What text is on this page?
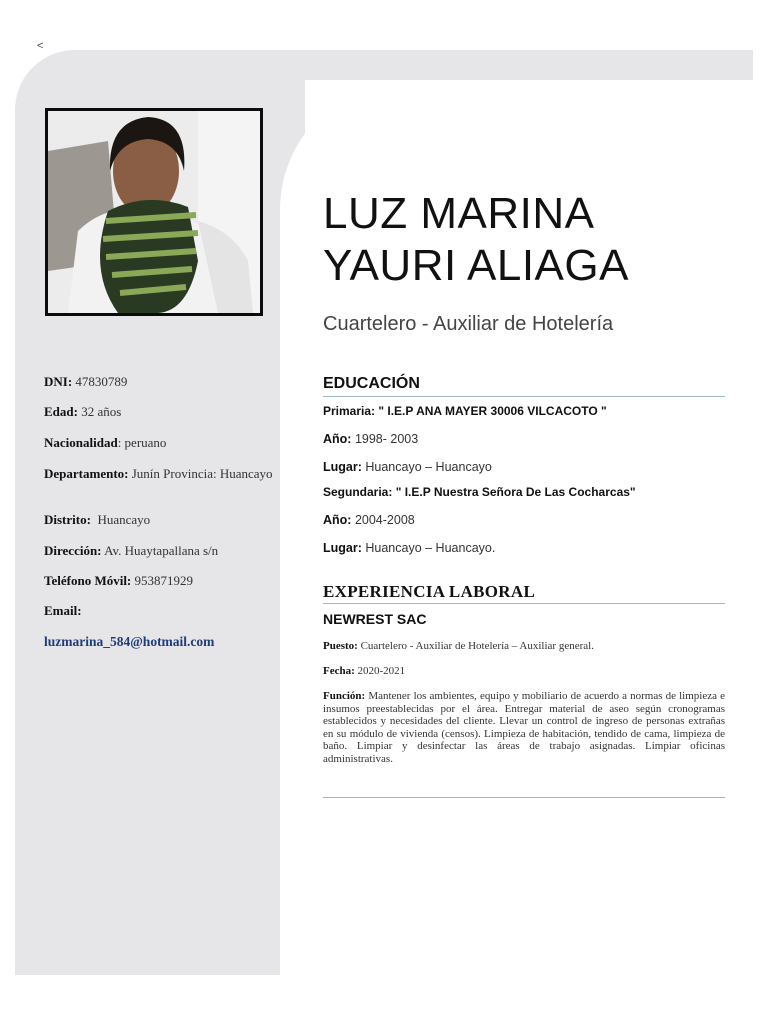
<
LUZ MARINA
YAURI ALIAGA
Cuartelero - Auxiliar de Hotelería
DNI: 47830789
Edad: 32 años
Nacionalidad: peruano
Departamento: Junín Provincia: Huancayo
Distrito: Huancayo
Dirección: Av. Huaytapallana s/n
Teléfono Móvil: 953871929
Email:
luzmarina_584@hotmail.com
EDUCACIÓN
Primaria: " I.E.P ANA MAYER 30006 VILCACOTO "
Año: 1998- 2003
Lugar: Huancayo – Huancayo
Segundaria: " I.E.P Nuestra Señora De Las Cocharcas"
Año: 2004-2008
Lugar: Huancayo – Huancayo.
EXPERIENCIA LABORAL
NEWREST SAC
Puesto: Cuartelero - Auxiliar de Hotelería – Auxiliar general.
Fecha: 2020-2021
Función: Mantener los ambientes, equipo y mobiliario de acuerdo a normas de limpieza e insumos preestablecidas por el área. Entregar material de aseo según cronogramas establecidos y necesidades del cliente. Llevar un control de ingreso de personas extrañas en su módulo de vivienda (censos). Limpieza de habitación, tendido de cama, limpieza de baño. Limpiar y desinfectar las áreas de trabajo asignadas. Limpiar oficinas administrativas.
